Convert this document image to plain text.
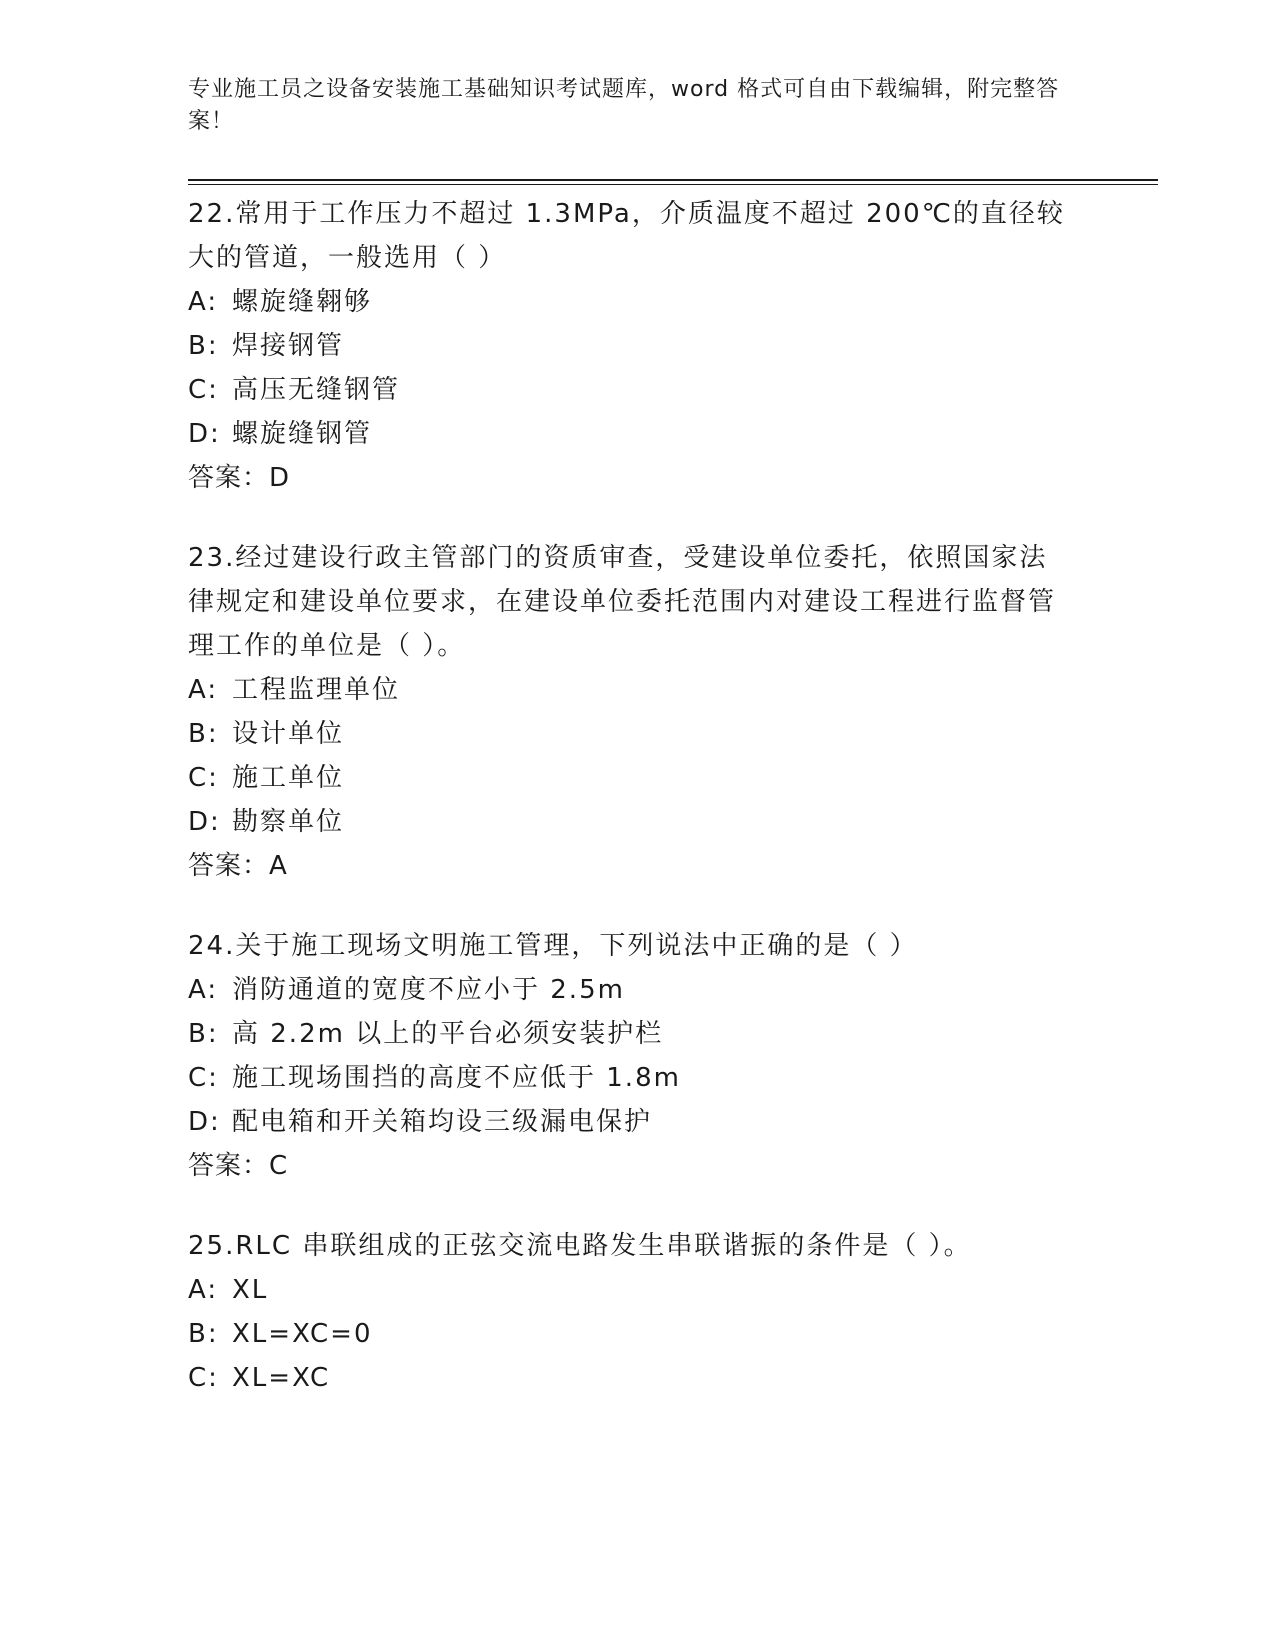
专业施工员之设备安装施工基础知识考试题库，word 格式可自由下载编辑，附完整答案！

22.常用于工作压力不超过 1.3MPa，介质温度不超过 200℃的直径较大的管道，一般选用（ ）

A: 螺旋缝翱够

B: 焊接钢管

C: 高压无缝钢管

D: 螺旋缝钢管

答案：D

23.经过建设行政主管部门的资质审查，受建设单位委托，依照国家法律规定和建设单位要求，在建设单位委托范围内对建设工程进行监督管理工作的单位是（ ）。

A: 工程监理单位

B: 设计单位

C: 施工单位

D: 勘察单位

答案：A

24.关于施工现场文明施工管理，下列说法中正确的是（ ）

A: 消防通道的宽度不应小于 2.5m

B: 高 2.2m 以上的平台必须安装护栏

C: 施工现场围挡的高度不应低于 1.8m

D: 配电箱和开关箱均设三级漏电保护

答案：C

25.RLC 串联组成的正弦交流电路发生串联谐振的条件是（ ）。

A: XL

B: XL=XC=0

C: XL=XC
